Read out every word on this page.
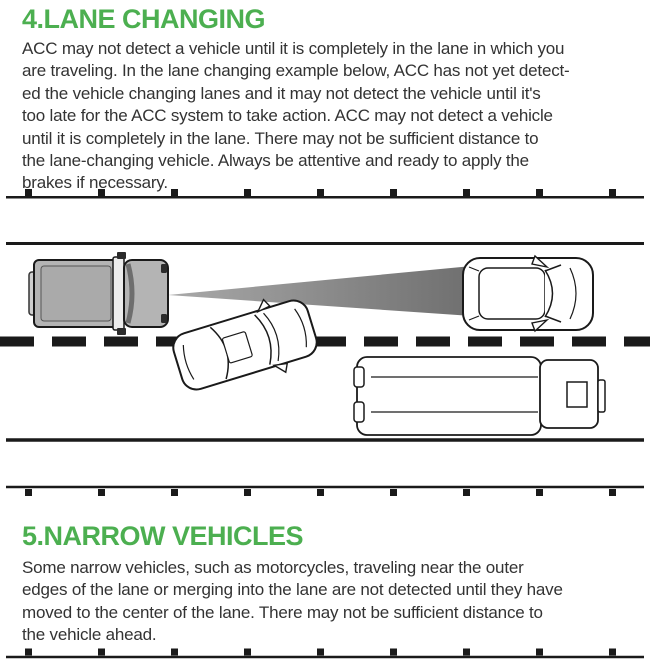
4.LANE CHANGING
ACC may not detect a vehicle until it is completely in the lane in which you
are traveling. In the lane changing example below, ACC has not yet detect-
ed the vehicle changing lanes and it may not detect the vehicle until it's
too late for the ACC system to take action. ACC may not detect a vehicle
until it is completely in the lane. There may not be sufficient distance to
the lane-changing vehicle. Always be attentive and ready to apply the
brakes if necessary.
5.NARROW VEHICLES
Some narrow vehicles, such as motorcycles, traveling near the outer
edges of the lane or merging into the lane are not detected until they have
moved to the center of the lane. There may not be sufficient distance to
the vehicle ahead.
